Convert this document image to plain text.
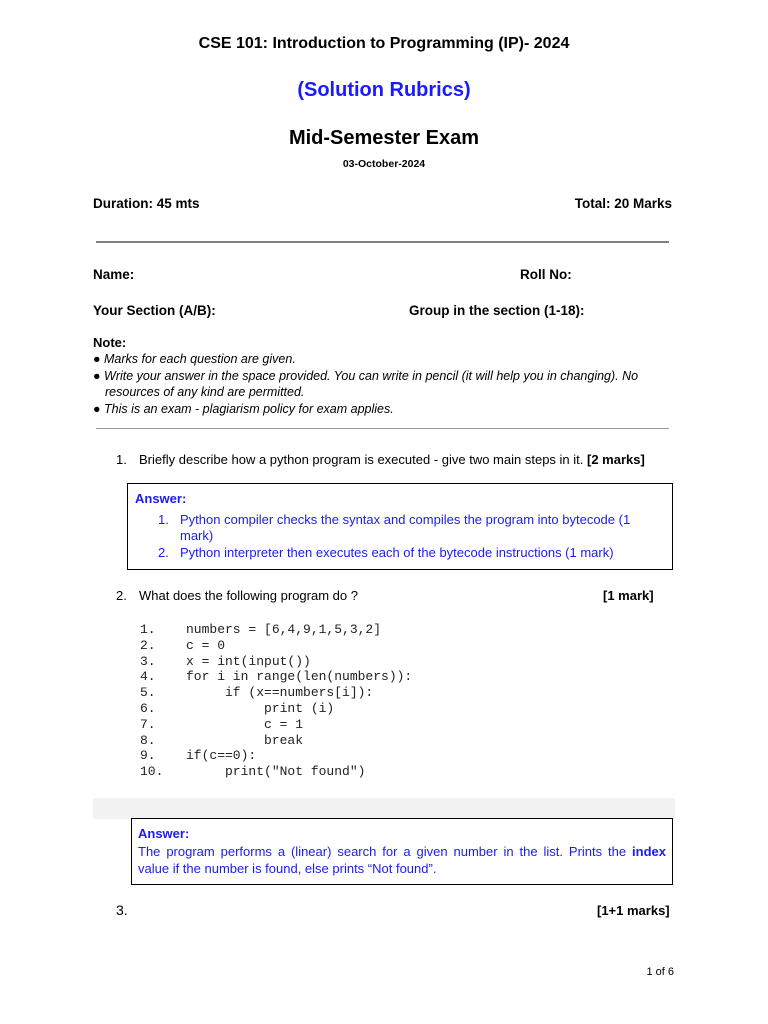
CSE 101: Introduction to Programming (IP)- 2024
(Solution Rubrics)
Mid-Semester Exam
03-October-2024
Duration: 45 mts	Total: 20 Marks
Name:	Roll No:
Your Section (A/B):	Group in the section (1-18):
Note:
● Marks for each question are given.
● Write your answer in the space provided. You can write in pencil (it will help you in changing). No
resources of any kind are permitted.
● This is an exam - plagiarism policy for exam applies.
1. Briefly describe how a python program is executed - give two main steps in it. [2 marks]
Answer:
1. Python compiler checks the syntax and compiles the program into bytecode (1
mark)
2. Python interpreter then executes each of the bytecode instructions (1 mark)
2. What does the following program do ?	[1 mark]
1. numbers = [6,4,9,1,5,3,2]
2. c = 0
3. x = int(input())
4. for i in range(len(numbers)):
5.     if (x==numbers[i]):
6.          print (i)
7.          c = 1
8.          break
9. if(c==0):
10.     print("Not found")
Answer:
The program performs a (linear) search for a given number in the list. Prints the index value if the number is found, else prints “Not found”.
3.	[1+1 marks]
1 of 6
